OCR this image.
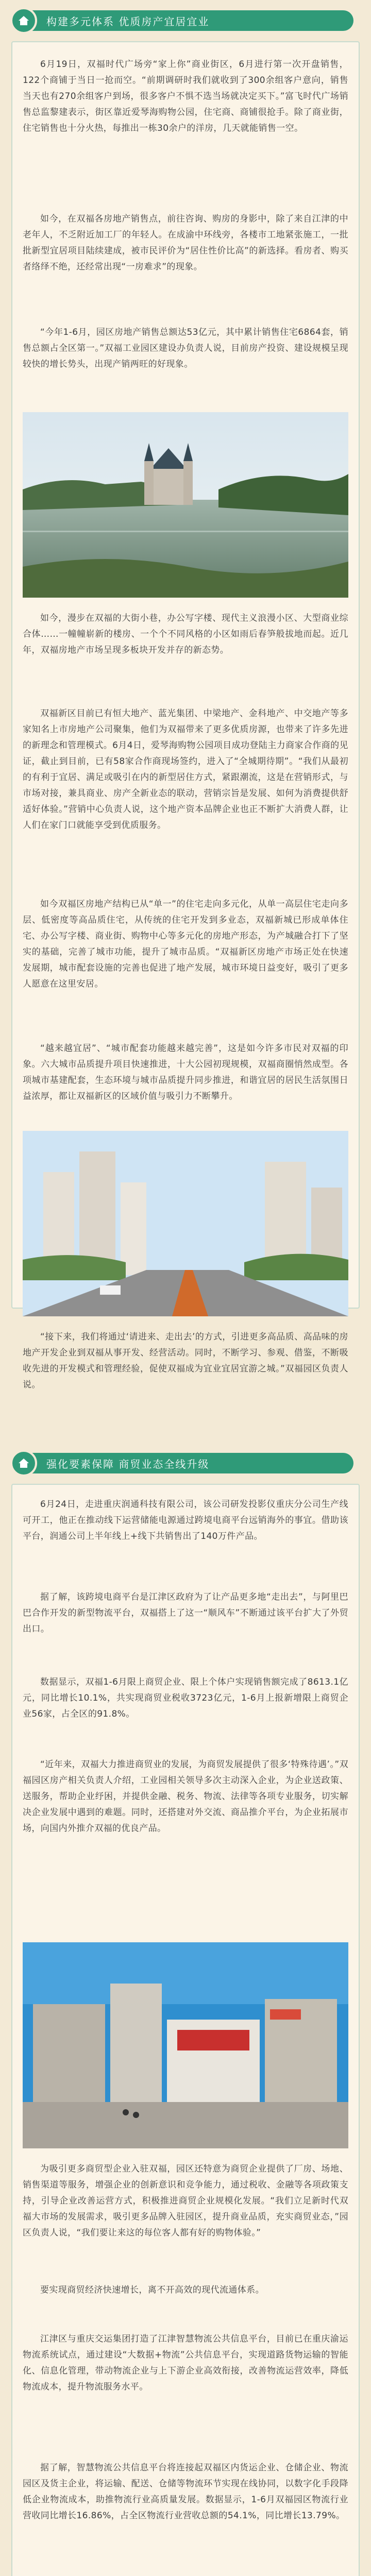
构建多元体系 优质房产宜居宜业
6月19日，双福时代广场旁“家上你”商业街区，6月进行第一次开盘销售，122个商铺于当日一抢而空。“前期调研时我们就收到了300余组客户意向，销售当天也有270余组客户到场，很多客户不惧不选当场就决定买下。”富飞时代广场销售总监黎建表示，街区靠近爱琴海购物公园，住宅商、商铺很抢手。除了商业街，住宅销售也十分火热，每推出一栋30余户的洋房，几天就能销售一空。
如今，在双福各房地产销售点，前往咨询、购房的身影中，除了来自江津的中老年人，不乏附近加工厂的年轻人。在成渝中环线旁，各楼市工地紧张施工，一批批新型宜居项目陆续建成，被市民评价为“居住性价比高”的新选择。看房者、购买者络绎不绝，还经常出现“一房难求”的现象。
“今年1-6月，园区房地产销售总额达53亿元，其中累计销售住宅6864套，销售总额占全区第一。”双福工业园区建设办负责人说，目前房产投资、建设规模呈现较快的增长势头，出现产销两旺的好现象。
如今，漫步在双福的大街小巷，办公写字楼、现代主义浪漫小区、大型商业综合体……一幢幢崭新的楼房、一个个不同风格的小区如雨后春笋般拔地而起。近几年，双福房地产市场呈现多板块开发并存的新态势。
双福新区目前已有恒大地产、蓝光集团、中梁地产、金科地产、中交地产等多家知名上市房地产公司聚集，他们为双福带来了更多优质房源，也带来了许多先进的新理念和管理模式。6月4日，爱琴海购物公园项目成功登陆主力商家合作商的见证，截止到目前，已有58家合作商现场签约，进入了“全城期待期”。“我们从最初的有利于宜居、满足或吸引在内的新型居住方式，紧跟潮流，这是在营销形式，与市场对接，兼具商业、房产全新业态的联动，营销宗旨是发展、如何为消费提供舒适好体验。”营销中心负责人说，这个地产资本品牌企业也正不断扩大消费人群，让人们在家门口就能享受到优质服务。
如今双福区房地产结构已从“单一”的住宅走向多元化，从单一高层住宅走向多层、低密度等高品质住宅，从传统的住宅开发到多业态，双福新城已形成单体住宅、办公写字楼、商业街、购物中心等多元化的房地产形态，为产城融合打下了坚实的基础，完善了城市功能，提升了城市品质。“双福新区房地产市场正处在快速发展期，城市配套设施的完善也促进了地产发展，城市环境日益变好，吸引了更多人愿意在这里安居。
“越来越宜居”、“城市配套功能越来越完善”，这是如今许多市民对双福的印象。六大城市品质提升项目快速推进，十大公园初现规模，双福商圈悄然成型。各项城市基建配套，生态环境与城市品质提升同步推进，和谐宜居的居民生活氛围日益浓厚，都让双福新区的区域价值与吸引力不断攀升。
“接下来，我们将通过‘请进来、走出去’的方式，引进更多高品质、高品味的房地产开发企业到双福从事开发、经营活动。同时，不断学习、参观、借鉴，不断吸收先进的开发模式和管理经验，促使双福成为宜业宜居宜游之城。”双福园区负责人说。
强化要素保障 商贸业态全线升级
6月24日，走进重庆润通科技有限公司，该公司研发投影仪重庆分公司生产线可开工，他正在推动线下运营储能电源通过跨境电商平台远销海外的事宜。借助该平台，润通公司上半年线上+线下共销售出了140万件产品。
据了解，该跨境电商平台是江津区政府为了让产品更多地“走出去”，与阿里巴巴合作开发的新型物流平台，双福搭上了这一“顺风车”不断通过该平台扩大了外贸出口。
数据显示，双福1-6月限上商贸企业、限上个体户实现销售额完成了8613.1亿元，同比增长10.1%，共实现商贸业税收3723亿元，1-6月上报新增限上商贸企业56家，占全区的91.8%。
“近年来，双福大力推进商贸业的发展，为商贸发展提供了很多‘特殊待遇’。”双福园区房产相关负责人介绍，工业园相关领导多次主动深入企业，为企业送政策、送服务，帮助企业纾困，并提供金融、税务、物流、法律等各项专业服务，切实解决企业发展中遇到的难题。同时，还搭建对外交流、商品推介平台，为企业拓展市场，向国内外推介双福的优良产品。
为吸引更多商贸型企业入驻双福，园区还特意为商贸企业提供了厂房、场地、销售渠道等服务，增强企业的创新意识和竞争能力，通过税收、金融等各项政策支持，引导企业改善运营方式，积极推进商贸企业规模化发展。“我们立足新时代双福大市场的发展需求，吸引更多品牌入驻园区，提升商业品质，充实商贸业态，”园区负责人说，“我们要让来这的每位客人都有好的购物体验。”
要实现商贸经济快速增长，离不开高效的现代流通体系。
江津区与重庆交运集团打造了江津智慧物流公共信息平台，目前已在重庆渝运物流系统试点，通过建设“大数据+物流”公共信息平台，实现道路货物运输的智能化、信息化管理，带动物流企业与上下游企业高效衔接，改善物流运营效率，降低物流成本，提升物流服务水平。
据了解，智慧物流公共信息平台将连接起双福区内货运企业、仓储企业、物流园区及货主企业，将运输、配送、仓储等物流环节实现在线协同，以数字化手段降低企业物流成本，助推物流行业高质量发展。数据显示，1-6月双福园区物流行业营收同比增长16.86%，占全区物流行业营收总额的54.1%，同比增长13.79%。
